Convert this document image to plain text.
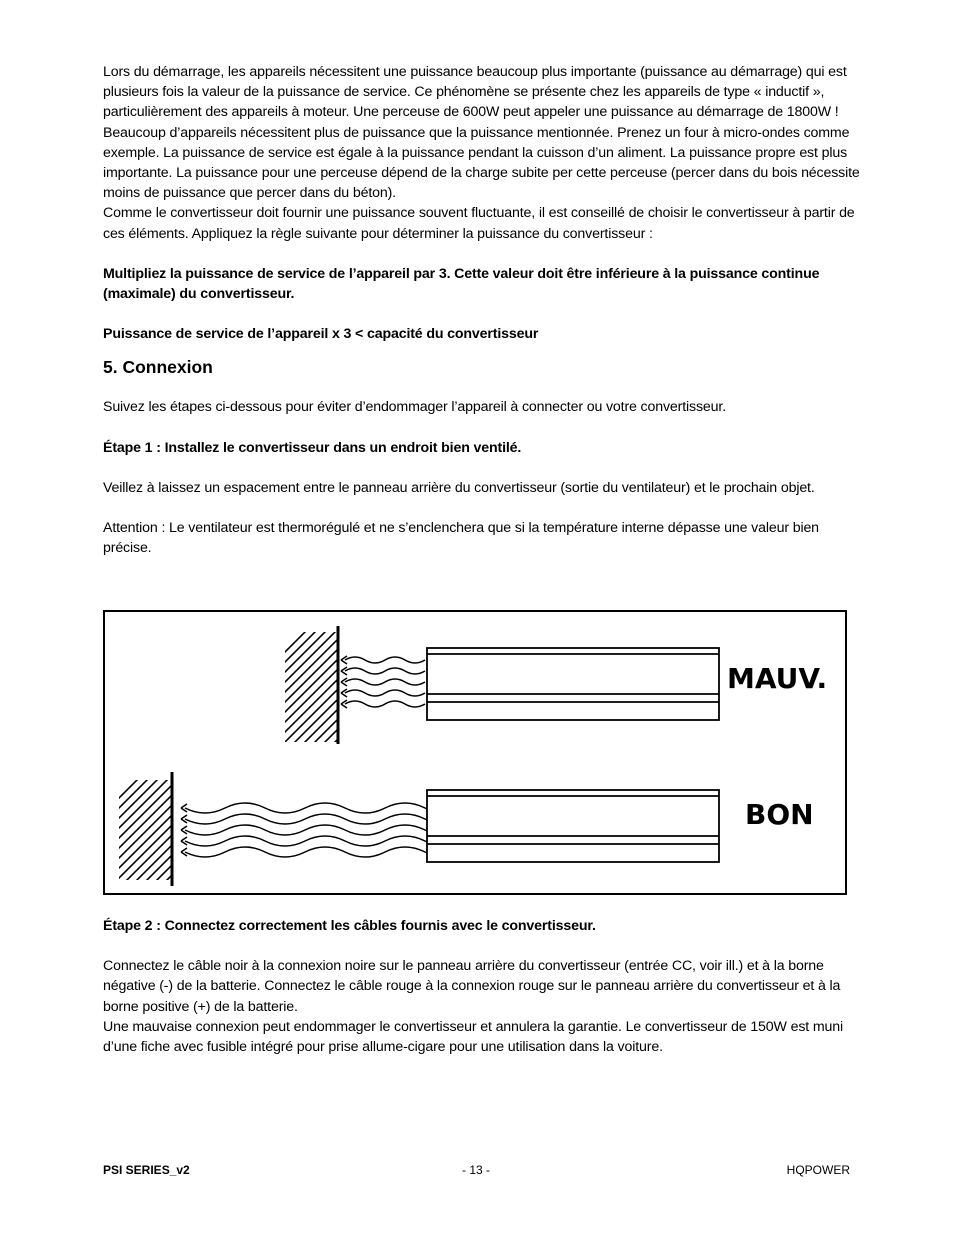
Lors du démarrage, les appareils nécessitent une puissance beaucoup plus importante (puissance au démarrage) qui est plusieurs fois la valeur de la puissance de service. Ce phénomène se présente chez les appareils de type « inductif », particulièrement des appareils à moteur. Une perceuse de 600W peut appeler une puissance au démarrage de 1800W !

Beaucoup d’appareils nécessitent plus de puissance que la puissance mentionnée. Prenez un four à micro-ondes comme exemple. La puissance de service est égale à la puissance pendant la cuisson d’un aliment. La puissance propre est plus importante. La puissance pour une perceuse dépend de la charge subite per cette perceuse (percer dans du bois nécessite moins de puissance que percer dans du béton).

Comme le convertisseur doit fournir une puissance souvent fluctuante, il est conseillé de choisir le convertisseur à partir de ces éléments. Appliquez la règle suivante pour déterminer la puissance du convertisseur :

Multipliez la puissance de service de l’appareil par 3. Cette valeur doit être inférieure à la puissance continue (maximale) du convertisseur.

Puissance de service de l’appareil x 3 < capacité du convertisseur

5. Connexion

Suivez les étapes ci-dessous pour éviter d’endommager l’appareil à connecter ou votre convertisseur.

Étape 1 : Installez le convertisseur dans un endroit bien ventilé.

Veillez à laissez un espacement entre le panneau arrière du convertisseur (sortie du ventilateur) et le prochain objet.

Attention : Le ventilateur est thermorégulé et ne s’enclenchera que si la température interne dépasse une valeur bien précise.

MAUV.
BON

Étape 2 : Connectez correctement les câbles fournis avec le convertisseur.

Connectez le câble noir à la connexion noire sur le panneau arrière du convertisseur (entrée CC, voir ill.) et à la borne négative (-) de la batterie. Connectez le câble rouge à la connexion rouge sur le panneau arrière du convertisseur et à la borne positive (+) de la batterie.

Une mauvaise connexion peut endommager le convertisseur et annulera la garantie. Le convertisseur de 150W est muni d’une fiche avec fusible intégré pour prise allume-cigare pour une utilisation dans la voiture.

PSI SERIES_v2	- 13 -	HQPOWER
